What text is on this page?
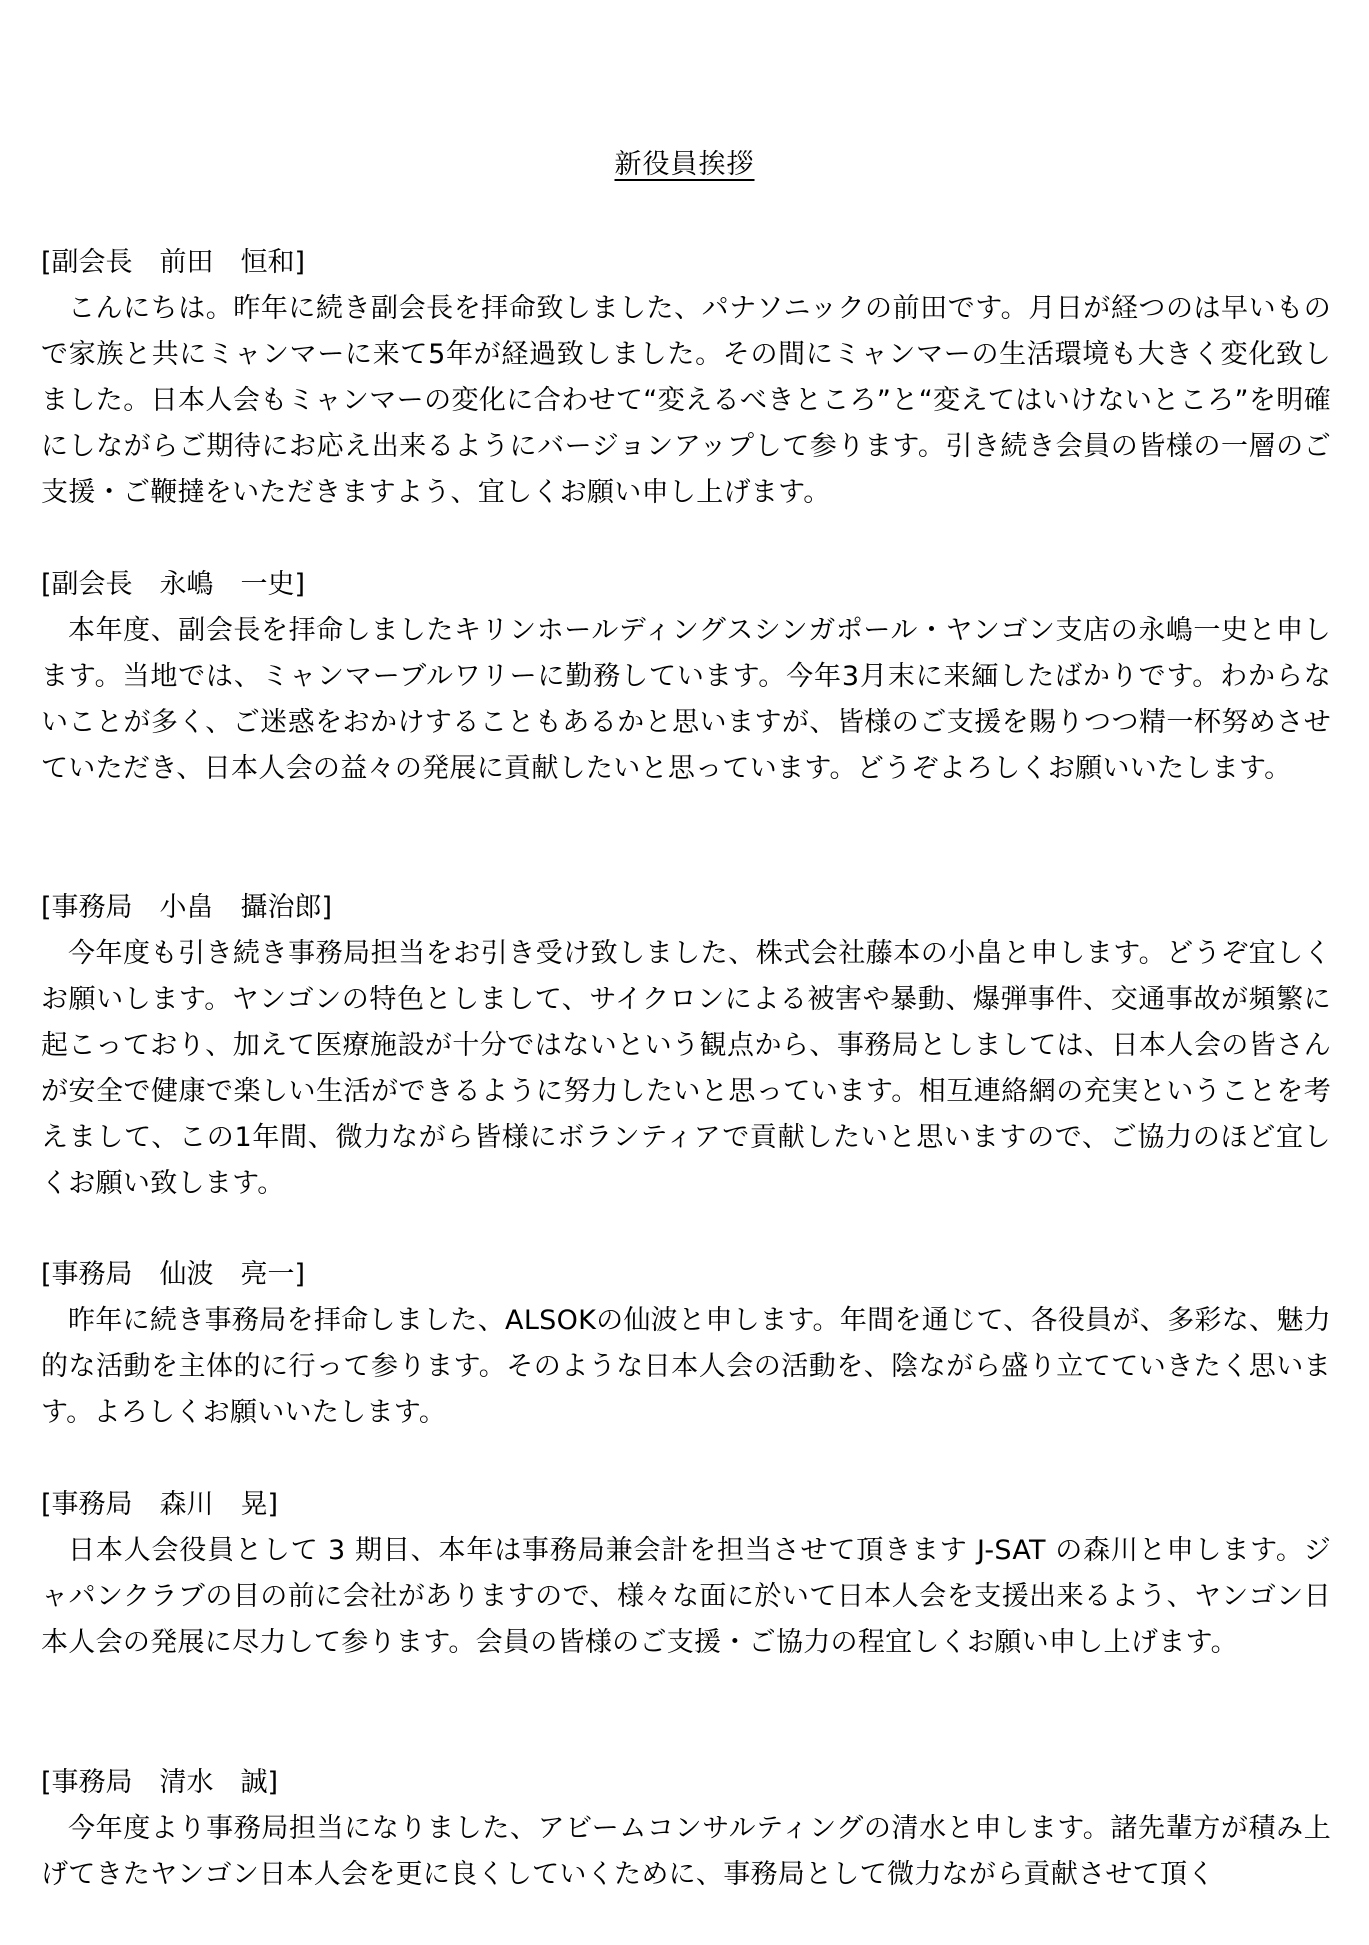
新役員挨拶
[副会長　前田　恒和]
こんにちは。昨年に続き副会長を拝命致しました、パナソニックの前田です。月日が経つのは早いもので家族と共にミャンマーに来て5年が経過致しました。その間にミャンマーの生活環境も大きく変化致しました。日本人会もミャンマーの変化に合わせて“変えるべきところ”と“変えてはいけないところ”を明確にしながらご期待にお応え出来るようにバージョンアップして参ります。引き続き会員の皆様の一層のご支援・ご鞭撻をいただきますよう、宜しくお願い申し上げます。
[副会長　永嶋　一史]
本年度、副会長を拝命しましたキリンホールディングスシンガポール・ヤンゴン支店の永嶋一史と申します。当地では、ミャンマーブルワリーに勤務しています。今年3月末に来緬したばかりです。わからないことが多く、ご迷惑をおかけすることもあるかと思いますが、皆様のご支援を賜りつつ精一杯努めさせていただき、日本人会の益々の発展に貢献したいと思っています。どうぞよろしくお願いいたします。
[事務局　小畠　攝治郎]
今年度も引き続き事務局担当をお引き受け致しました、株式会社藤本の小畠と申します。どうぞ宜しくお願いします。ヤンゴンの特色としまして、サイクロンによる被害や暴動、爆弾事件、交通事故が頻繁に起こっており、加えて医療施設が十分ではないという観点から、事務局としましては、日本人会の皆さんが安全で健康で楽しい生活ができるように努力したいと思っています。相互連絡網の充実ということを考えまして、この1年間、微力ながら皆様にボランティアで貢献したいと思いますので、ご協力のほど宜しくお願い致します。
[事務局　仙波　亮一]
昨年に続き事務局を拝命しました、ALSOKの仙波と申します。年間を通じて、各役員が、多彩な、魅力的な活動を主体的に行って参ります。そのような日本人会の活動を、陰ながら盛り立てていきたく思います。よろしくお願いいたします。
[事務局　森川　晃]
日本人会役員として 3 期目、本年は事務局兼会計を担当させて頂きます J-SAT の森川と申します。ジャパンクラブの目の前に会社がありますので、様々な面に於いて日本人会を支援出来るよう、ヤンゴン日本人会の発展に尽力して参ります。会員の皆様のご支援・ご協力の程宜しくお願い申し上げます。
[事務局　清水　誠]
今年度より事務局担当になりました、アビームコンサルティングの清水と申します。諸先輩方が積み上げてきたヤンゴン日本人会を更に良くしていくために、事務局として微力ながら貢献させて頂く
